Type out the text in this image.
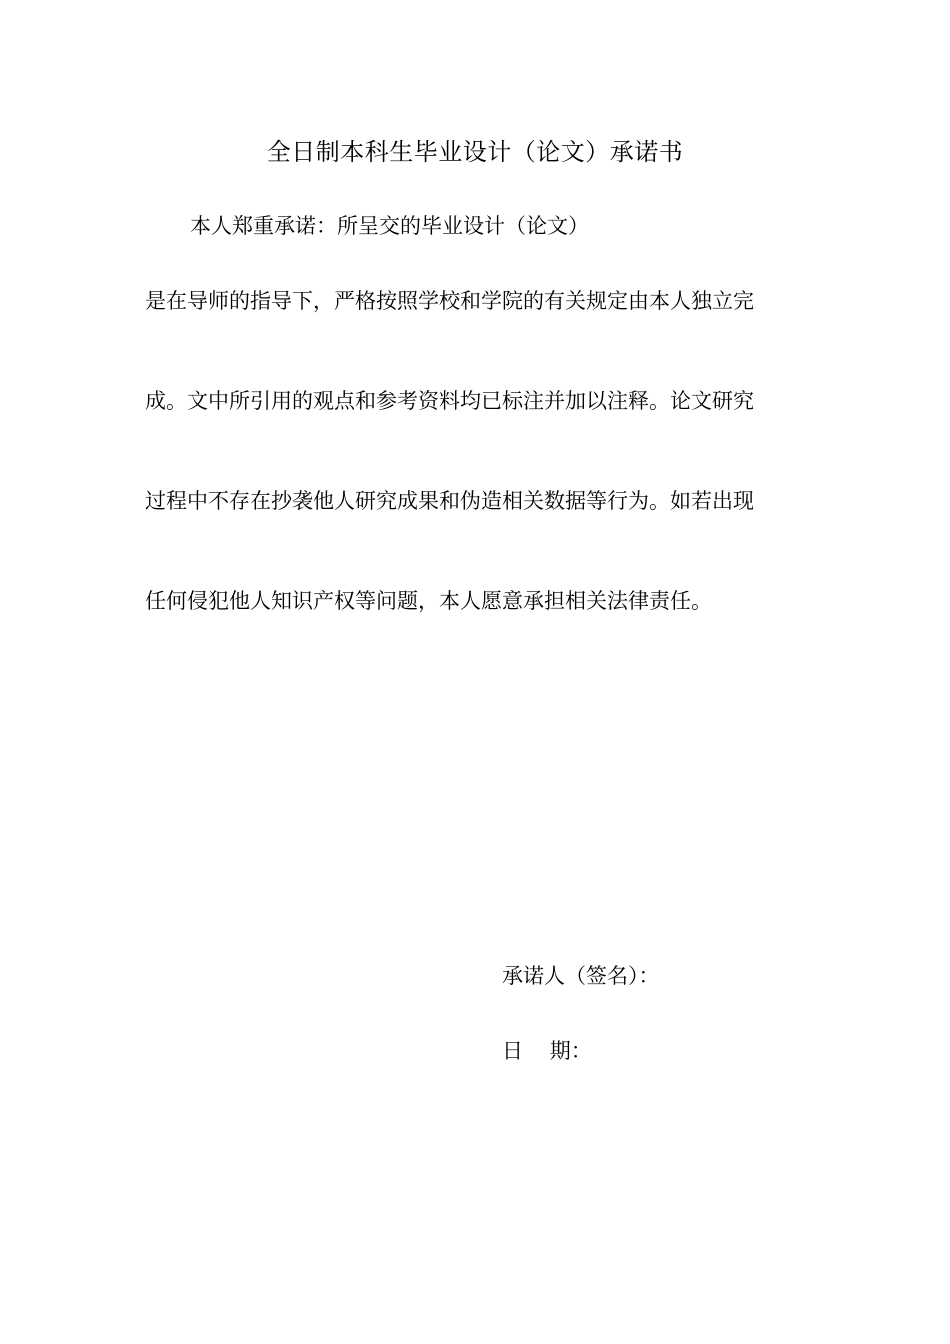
全日制本科生毕业设计（论文）承诺书
本人郑重承诺：所呈交的毕业设计（论文）
是在导师的指导下，严格按照学校和学院的有关规定由本人独立完
成。文中所引用的观点和参考资料均已标注并加以注释。论文研究
过程中不存在抄袭他人研究成果和伪造相关数据等行为。如若出现
任何侵犯他人知识产权等问题，本人愿意承担相关法律责任。
承诺人（签名）：
日    期：
